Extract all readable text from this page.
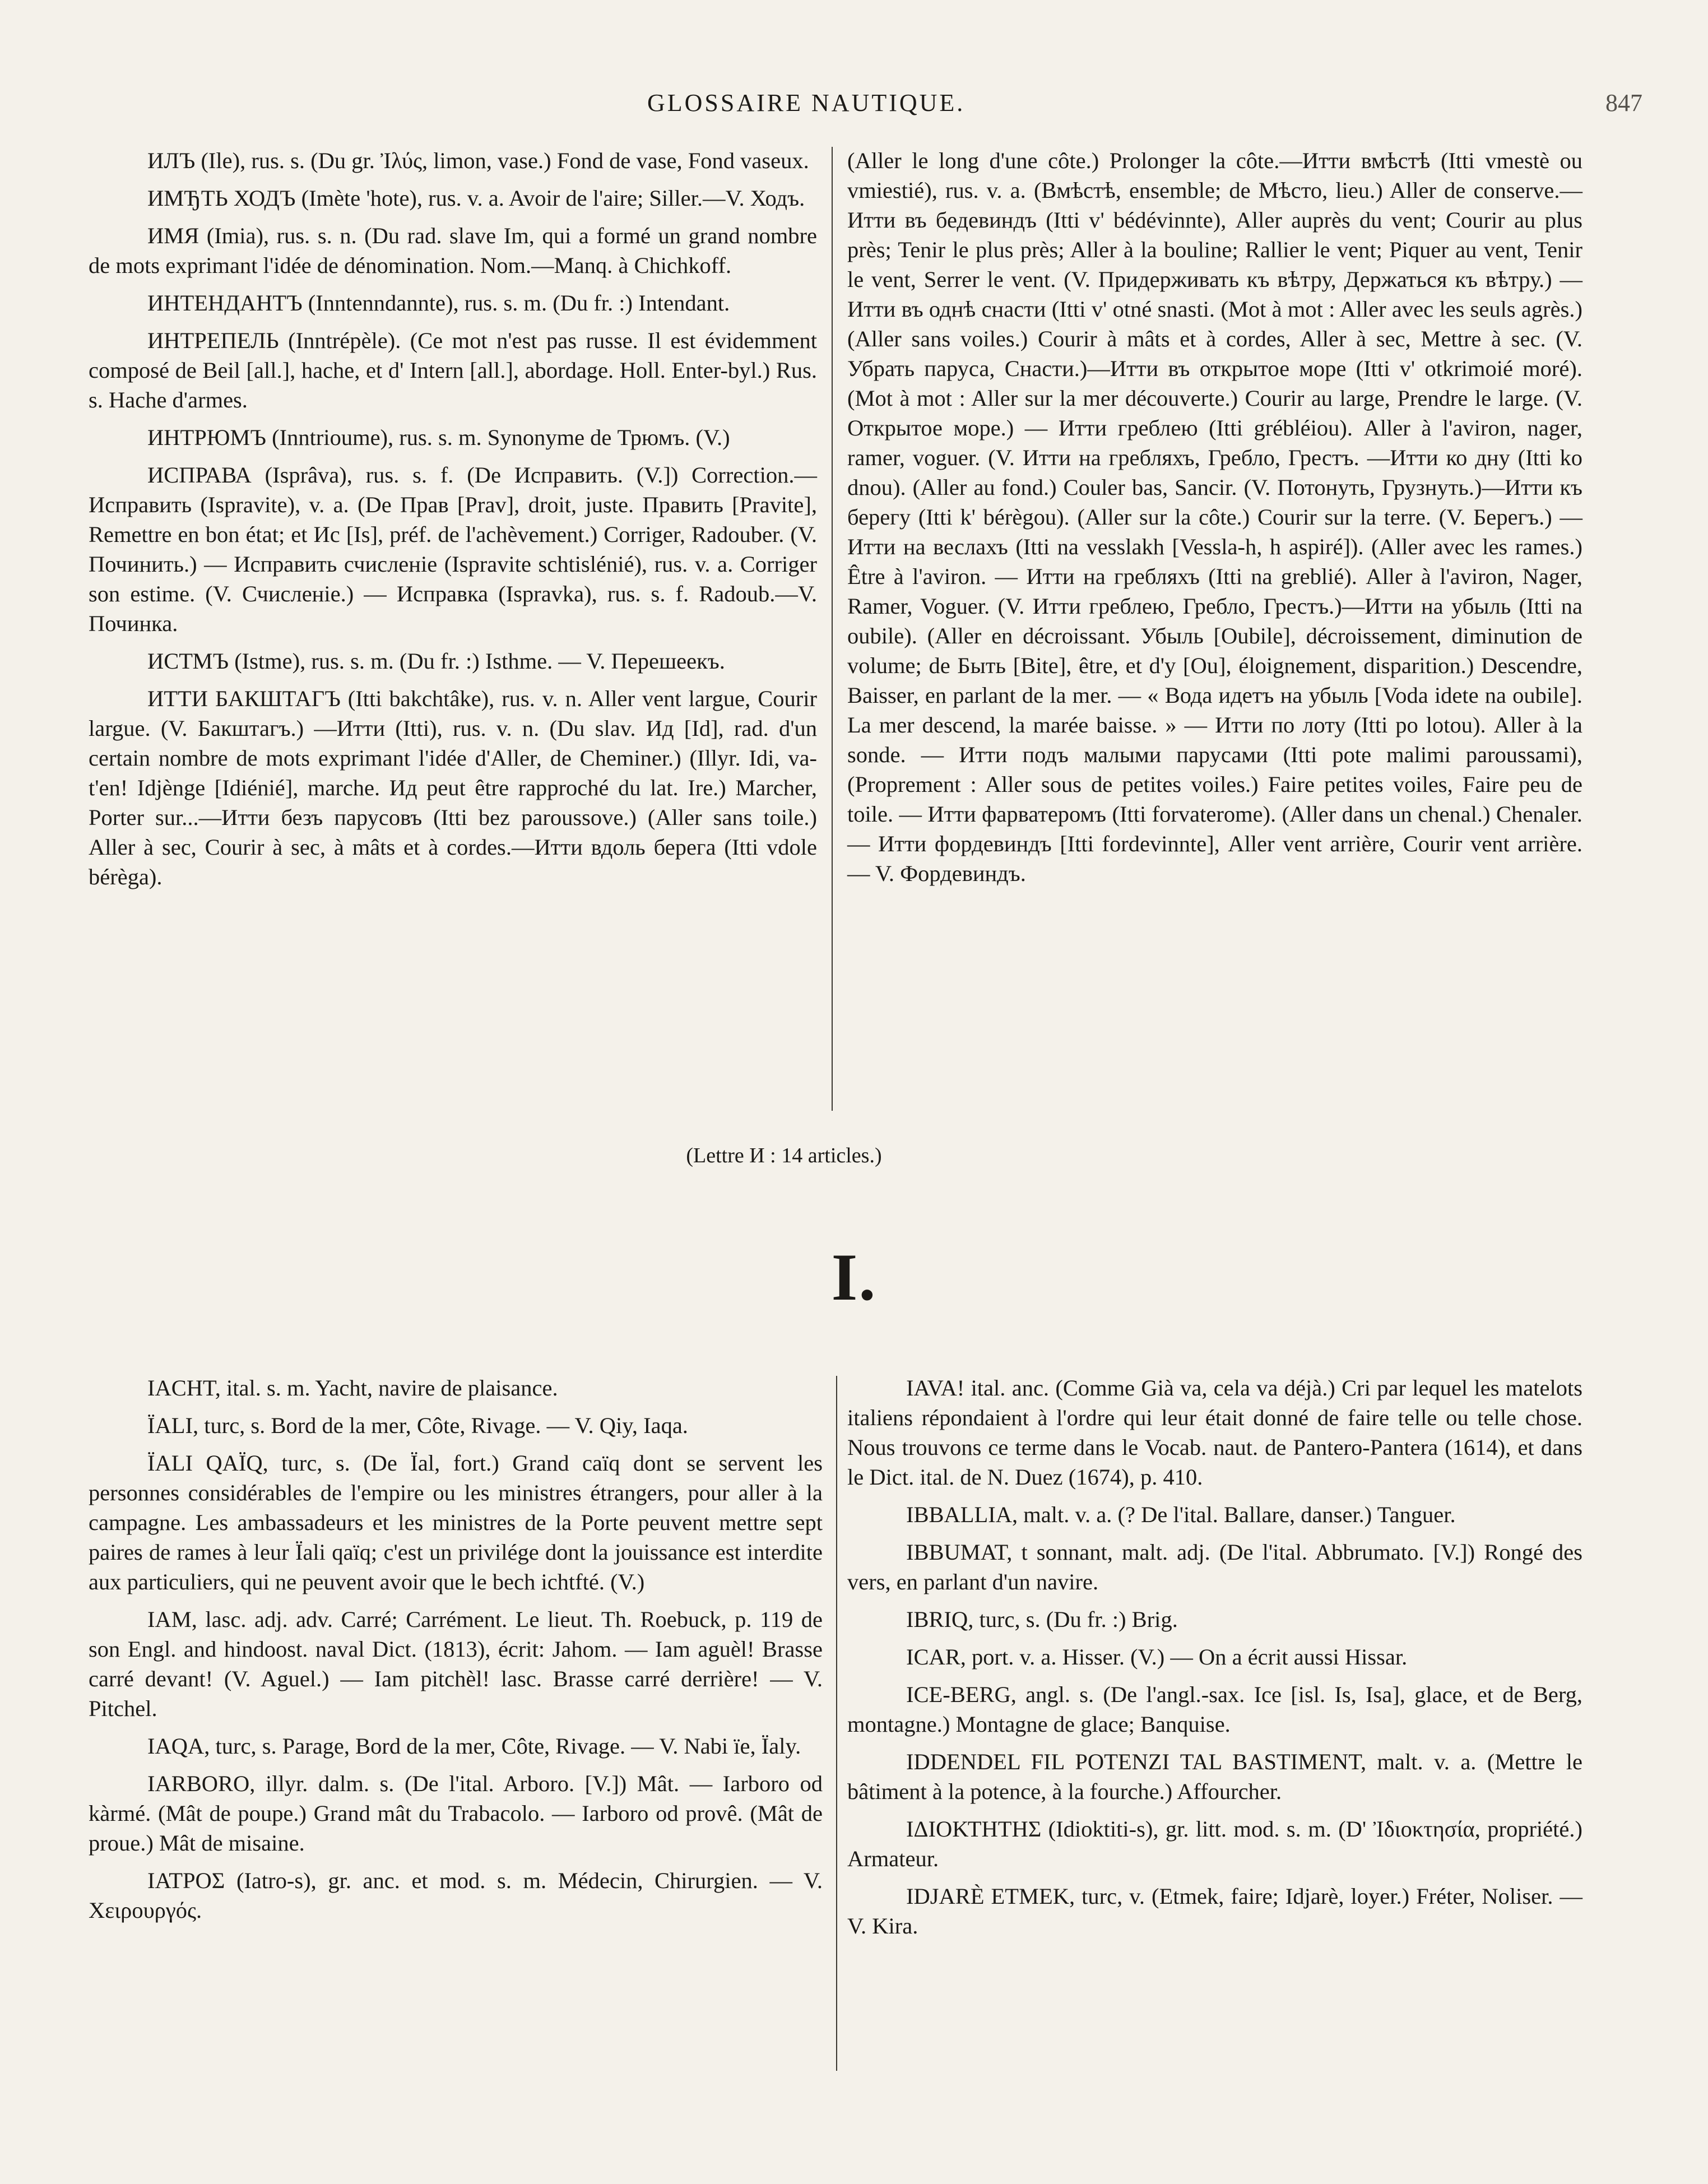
GLOSSAIRE NAUTIQUE.	847

ИЛЪ (Ile), rus. s. (Du gr. Ἰλύς, limon, vase.) Fond de vase, Fond vaseux.

ИМЂТЬ ХОДЪ (Imète 'hote), rus. v. a. Avoir de l'aire; Siller.—V. Ходъ.

ИМЯ (Imia), rus. s. n. (Du rad. slave Im, qui a formé un grand nombre de mots exprimant l'idée de dénomination. Nom.—Manq. à Chichkoff.

ИНТЕНДАНТЪ (Inntenndannte), rus. s. m. (Du fr. :) Intendant.

ИНТРЕПЕЛЬ (Inntrépèle). (Ce mot n'est pas russe. Il est évidemment composé de Beil [all.], hache, et d' Intern [all.], abordage. Holl. Enter-byl.) Rus. s. Hache d'armes.

ИНТРЮМЪ (Inntrioume), rus. s. m. Synonyme de Трюмъ. (V.)

ИСПРАВА (Isprâva), rus. s. f. (De Исправить. (V.]) Correction.—Исправить (Ispravite), v. a. (De Прав [Prav], droit, juste. Править [Pravite], Remettre en bon état; et Ис [Is], préf. de l'achèvement.) Corriger, Radouber. (V. Починить.) — Исправить счисленіе (Ispravite schtislénié), rus. v. a. Corriger son estime. (V. Счисленіе.) — Исправка (Ispravka), rus. s. f. Radoub.—V. Починка.

ИСТМЪ (Istme), rus. s. m. (Du fr. :) Isthme. — V. Перешеекъ.

ИТТИ БАКШТАГЪ (Itti bakchtâke), rus. v. n. Aller vent largue, Courir largue. (V. Бакштагъ.) —Итти (Itti), rus. v. n. (Du slav. Ид [Id], rad. d'un certain nombre de mots exprimant l'idée d'Aller, de Cheminer.) (Illyr. Idi, va-t'en! Idjènge [Idiénié], marche. Ид peut être rapproché du lat. Ire.) Marcher, Porter sur...—Итти безъ парусовъ (Itti bez paroussove.) (Aller sans toile.) Aller à sec, Courir à sec, à mâts et à cordes.—Итти вдоль берега (Itti vdole bérèga).

(Aller le long d'une côte.) Prolonger la côte.—Итти вмѣстѣ (Itti vmestè ou vmiestié), rus. v. a. (Вмѣстѣ, ensemble; de Мѣсто, lieu.) Aller de conserve.—Итти въ бедевиндъ (Itti v' bédévinnte), Aller auprès du vent; Courir au plus près; Tenir le plus près; Aller à la bouline; Rallier le vent; Piquer au vent, Tenir le vent, Serrer le vent. (V. Придерживать къ вѣтру, Держаться къ вѣтру.) — Итти въ однѣ снасти (Itti v' otné snasti. (Mot à mot : Aller avec les seuls agrès.) (Aller sans voiles.) Courir à mâts et à cordes, Aller à sec, Mettre à sec. (V. Убрать паруса, Снасти.)—Итти въ открытое море (Itti v' otkrimoié moré). (Mot à mot : Aller sur la mer découverte.) Courir au large, Prendre le large. (V. Открытое море.) — Итти греблею (Itti grébléiou). Aller à l'aviron, nager, ramer, voguer. (V. Итти на гребляхъ, Гребло, Грестъ. —Итти ко дну (Itti ko dnou). (Aller au fond.) Couler bas, Sancir. (V. Потонуть, Грузнуть.)—Итти къ берегу (Itti k' bérègou). (Aller sur la côte.) Courir sur la terre. (V. Берегъ.) — Итти на веслахъ (Itti na vesslakh [Vessla-h, h aspiré]). (Aller avec les rames.) Être à l'aviron. — Итти на гребляхъ (Itti na greblié). Aller à l'aviron, Nager, Ramer, Voguer. (V. Итти греблею, Гребло, Грестъ.)—Итти на убыль (Itti na oubile). (Aller en décroissant. Убыль [Oubile], décroissement, diminution de volume; de Быть [Bite], être, et d'у [Ou], éloignement, disparition.) Descendre, Baisser, en parlant de la mer. — « Вода идетъ на убыль [Voda idete na oubile]. La mer descend, la marée baisse. » — Итти по лоту (Itti po lotou). Aller à la sonde. — Итти подъ малыми парусами (Itti pote malimi paroussami), (Proprement : Aller sous de petites voiles.) Faire petites voiles, Faire peu de toile. — Итти фарватеромъ (Itti forvaterome). (Aller dans un chenal.) Chenaler. — Итти фордевиндъ [Itti fordevinnte], Aller vent arrière, Courir vent arrière. — V. Фордевиндъ.

(Lettre И : 14 articles.)
I.

IACHT, ital. s. m. Yacht, navire de plaisance.

ÏALI, turc, s. Bord de la mer, Côte, Rivage. — V. Qiy, Iaqa.

ÏALI QAÏQ, turc, s. (De Ïal, fort.) Grand caïq dont se servent les personnes considérables de l'empire ou les ministres étrangers, pour aller à la campagne. Les ambassadeurs et les ministres de la Porte peuvent mettre sept paires de rames à leur Ïali qaïq; c'est un privilége dont la jouissance est interdite aux particuliers, qui ne peuvent avoir que le bech ichtfté. (V.)

IAM, lasc. adj. adv. Carré; Carrément. Le lieut. Th. Roebuck, p. 119 de son Engl. and hindoost. naval Dict. (1813), écrit: Jahom. — Iam aguèl! Brasse carré devant! (V. Aguel.) — Iam pitchèl! lasc. Brasse carré derrière! — V. Pitchel.

IAQA, turc, s. Parage, Bord de la mer, Côte, Rivage. — V. Nabi ïe, Ïaly.

IARBORO, illyr. dalm. s. (De l'ital. Arboro. [V.]) Mât. — Iarboro od kàrmé. (Mât de poupe.) Grand mât du Trabacolo. — Iarboro od provê. (Mât de proue.) Mât de misaine.

ΙΑΤΡΟΣ (Iatro-s), gr. anc. et mod. s. m. Médecin, Chirurgien. — V. Χειρουργός.

IAVA! ital. anc. (Comme Già va, cela va déjà.) Cri par lequel les matelots italiens répondaient à l'ordre qui leur était donné de faire telle ou telle chose. Nous trouvons ce terme dans le Vocab. naut. de Pantero-Pantera (1614), et dans le Dict. ital. de N. Duez (1674), p. 410.

IBBALLIA, malt. v. a. (? De l'ital. Ballare, danser.) Tanguer.

IBBUMAT, t sonnant, malt. adj. (De l'ital. Abbrumato. [V.]) Rongé des vers, en parlant d'un navire.

IBRIQ, turc, s. (Du fr. :) Brig.

ICAR, port. v. a. Hisser. (V.) — On a écrit aussi Hissar.

ICE-BERG, angl. s. (De l'angl.-sax. Ice [isl. Is, Isa], glace, et de Berg, montagne.) Montagne de glace; Banquise.

IDDENDEL FIL POTENZI TAL BASTIMENT, malt. v. a. (Mettre le bâtiment à la potence, à la fourche.) Affourcher.

ΙΔΙΟΚΤΗΤΗΣ (Idioktiti-s), gr. litt. mod. s. m. (D' Ἰδιοκτησία, propriété.) Armateur.

IDJARÈ ETMEK, turc, v. (Etmek, faire; Idjarè, loyer.) Fréter, Noliser. — V. Kira.
